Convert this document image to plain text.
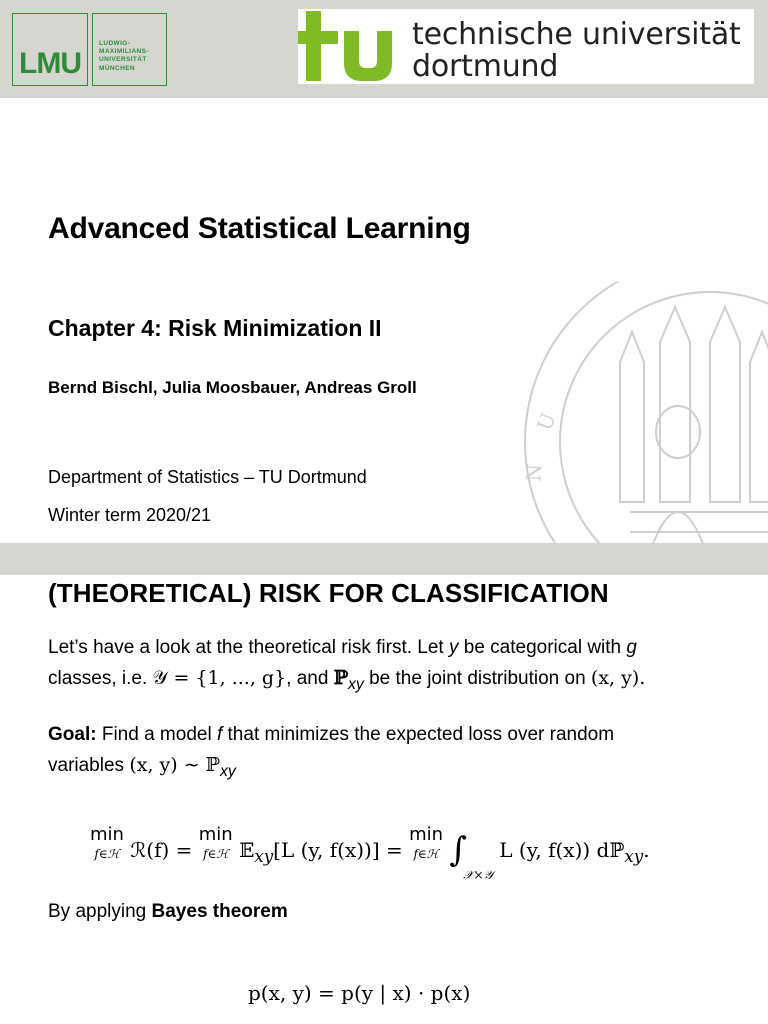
LMU
LUDWIG-
MAXIMILIANS-
UNIVERSITÄT
MÜNCHEN
technische universität
dortmund
U
N
Advanced Statistical Learning
Chapter 4: Risk Minimization II

Bernd Bischl, Julia Moosbauer, Andreas Groll

Department of Statistics – TU Dortmund

Winter term 2020/21

(THEORETICAL) RISK FOR CLASSIFICATION

Let’s have a look at the theoretical risk first. Let y be categorical with g
classes, i.e. 𝒴 = {1, ..., g}, and ℙ$_{xy}$ be the joint distribution on (x, y).

Goal: Find a model f that minimizes the expected loss over random
variables (x, y) ∼ ℙ$_{xy}$

min
f∈ℋ ℛ(f) =
min
f∈ℋ 𝔼$_{xy}$[L (y, f(x))] =
min
f∈ℋ $\int_{𝒳\times 𝒴}$ L (y, f(x)) dℙ$_{xy}$.

By applying Bayes theorem

p(x, y) = p(y | x) · p(x)
